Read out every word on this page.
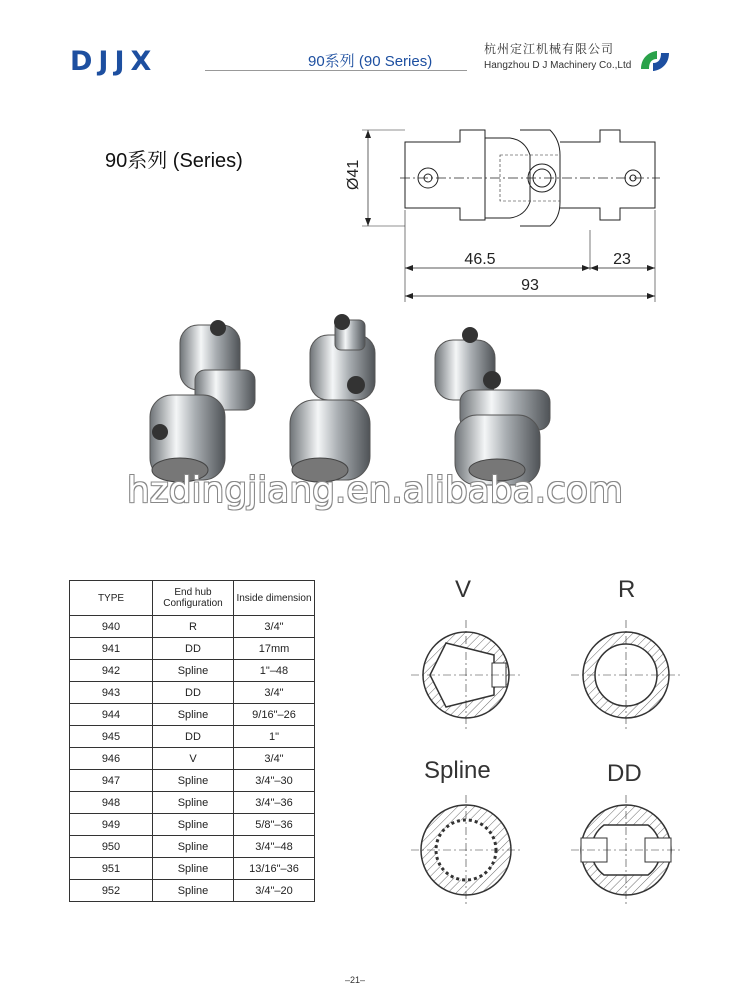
DJJX	90系列 (90 Series)
杭州定江机械有限公司
Hangzhou D J Machinery Co.,Ltd
90系列 (Series)	Ø41
46.5	23
93
hzdingjiang.en.alibaba.com
TYPE	End hub Configuration	Inside dimension
940	R	3/4"
941	DD	17mm
942	Spline	1"–48
943	DD	3/4"
944	Spline	9/16"–26
945	DD	1"
946	V	3/4"
947	Spline	3/4"–30
948	Spline	3/4"–36
949	Spline	5/8"–36
950	Spline	3/4"–48
951	Spline	13/16"–36
952	Spline	3/4"–20
V	R
Spline	DD
–21–
